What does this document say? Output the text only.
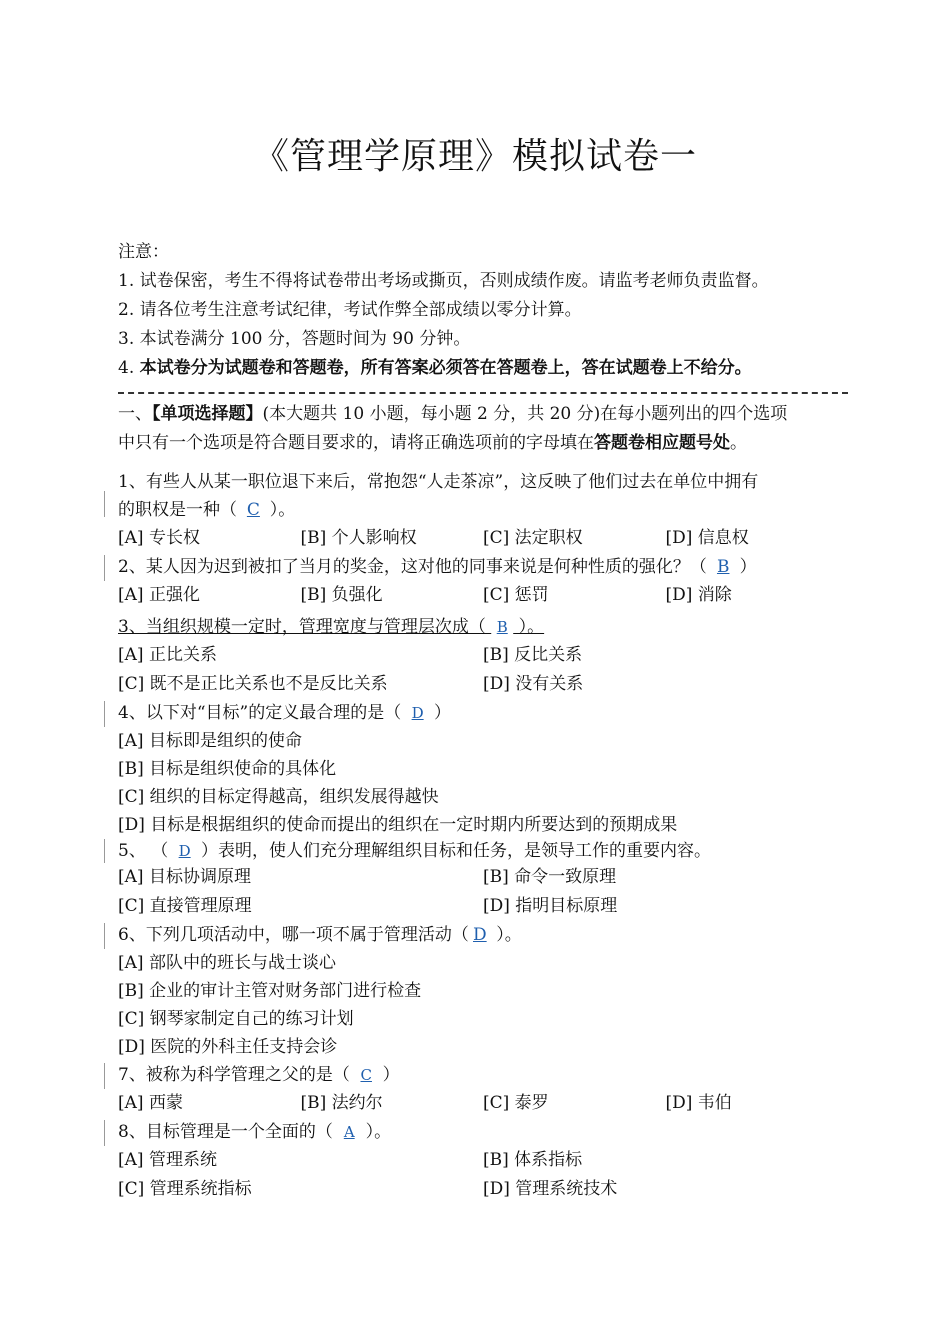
《管理学原理》模拟试卷一
注意：
1. 试卷保密，考生不得将试卷带出考场或撕页，否则成绩作废。请监考老师负责监督。
2. 请各位考生注意考试纪律，考试作弊全部成绩以零分计算。
3. 本试卷满分 100 分，答题时间为 90 分钟。
4. 本试卷分为试题卷和答题卷，所有答案必须答在答题卷上，答在试题卷上不给分。
一、【单项选择题】(本大题共 10 小题，每小题 2 分，共 20 分)在每小题列出的四个选项
中只有一个选项是符合题目要求的，请将正确选项前的字母填在答题卷相应题号处。
1、有些人从某一职位退下来后，常抱怨“人走茶凉”，这反映了他们过去在单位中拥有
的职权是一种（ C ）。
[A] 专长权	[B] 个人影响权	[C] 法定职权	[D] 信息权
2、某人因为迟到被扣了当月的奖金，这对他的同事来说是何种性质的强化？（ B ）
[A] 正强化	[B] 负强化	[C] 惩罚	[D] 消除
3、当组织规模一定时，管理宽度与管理层次成（ B ）。
[A] 正比关系	[B] 反比关系
[C] 既不是正比关系也不是反比关系	[D] 没有关系
4、以下对“目标”的定义最合理的是（ D ）
[A] 目标即是组织的使命
[B] 目标是组织使命的具体化
[C] 组织的目标定得越高，组织发展得越快
[D] 目标是根据组织的使命而提出的组织在一定时期内所要达到的预期成果
5、 （ D ）表明，使人们充分理解组织目标和任务，是领导工作的重要内容。
[A] 目标协调原理	[B] 命令一致原理
[C] 直接管理原理	[D] 指明目标原理
6、下列几项活动中，哪一项不属于管理活动（ D ）。
[A] 部队中的班长与战士谈心
[B] 企业的审计主管对财务部门进行检查
[C] 钢琴家制定自己的练习计划
[D] 医院的外科主任支持会诊
7、被称为科学管理之父的是（ C ）
[A] 西蒙	[B] 法约尔	[C] 泰罗	[D] 韦伯
8、目标管理是一个全面的（ A ）。
[A] 管理系统	[B] 体系指标
[C] 管理系统指标	[D] 管理系统技术
